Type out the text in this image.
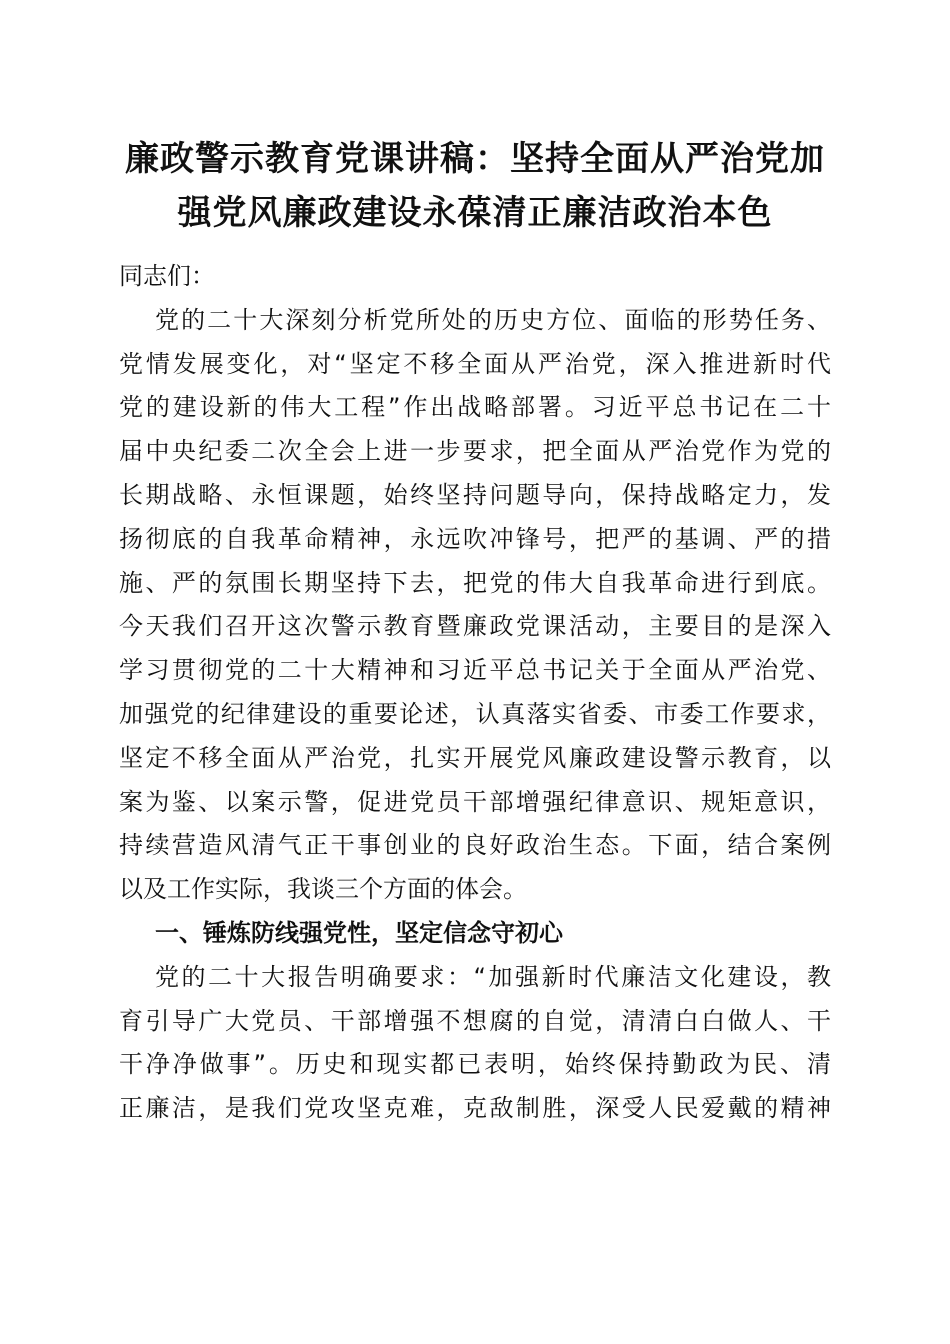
廉政警示教育党课讲稿：坚持全面从严治党加
强党风廉政建设永葆清正廉洁政治本色
同志们：
党的二十大深刻分析党所处的历史方位、面临的形势任务、
党情发展变化，对“坚定不移全面从严治党，深入推进新时代
党的建设新的伟大工程”作出战略部署。习近平总书记在二十
届中央纪委二次全会上进一步要求，把全面从严治党作为党的
长期战略、永恒课题，始终坚持问题导向，保持战略定力，发
扬彻底的自我革命精神，永远吹冲锋号，把严的基调、严的措
施、严的氛围长期坚持下去，把党的伟大自我革命进行到底。
今天我们召开这次警示教育暨廉政党课活动，主要目的是深入
学习贯彻党的二十大精神和习近平总书记关于全面从严治党、
加强党的纪律建设的重要论述，认真落实省委、市委工作要求，
坚定不移全面从严治党，扎实开展党风廉政建设警示教育，以
案为鉴、以案示警，促进党员干部增强纪律意识、规矩意识，
持续营造风清气正干事创业的良好政治生态。下面，结合案例
以及工作实际，我谈三个方面的体会。
一、锤炼防线强党性，坚定信念守初心
党的二十大报告明确要求：“加强新时代廉洁文化建设，教
育引导广大党员、干部增强不想腐的自觉，清清白白做人、干
干净净做事”。历史和现实都已表明，始终保持勤政为民、清
正廉洁，是我们党攻坚克难，克敌制胜，深受人民爱戴的精神
